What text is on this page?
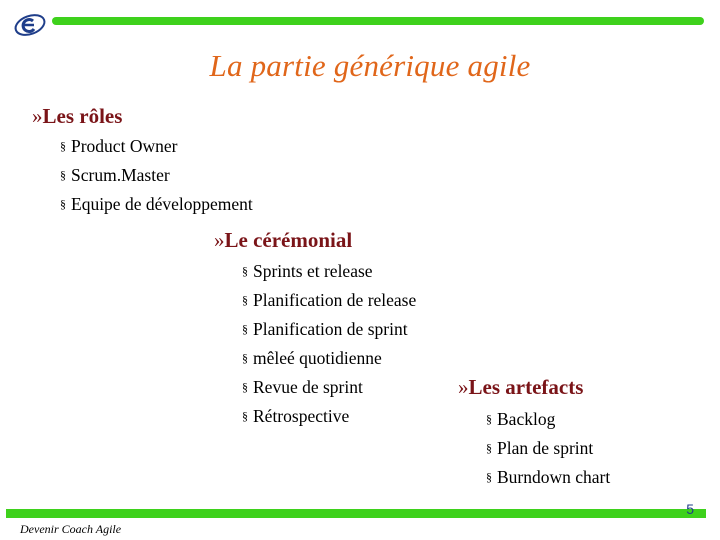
La partie générique agile
»Les rôles
§ Product Owner
§ Scrum.Master
§ Equipe de développement
»Le cérémonial
§ Sprints et release
§ Planification de release
§ Planification de sprint
§ mêleé quotidienne
§ Revue de sprint
§ Rétrospective
»Les artefacts
§ Backlog
§ Plan de sprint
§ Burndown chart
5
Devenir Coach Agile
